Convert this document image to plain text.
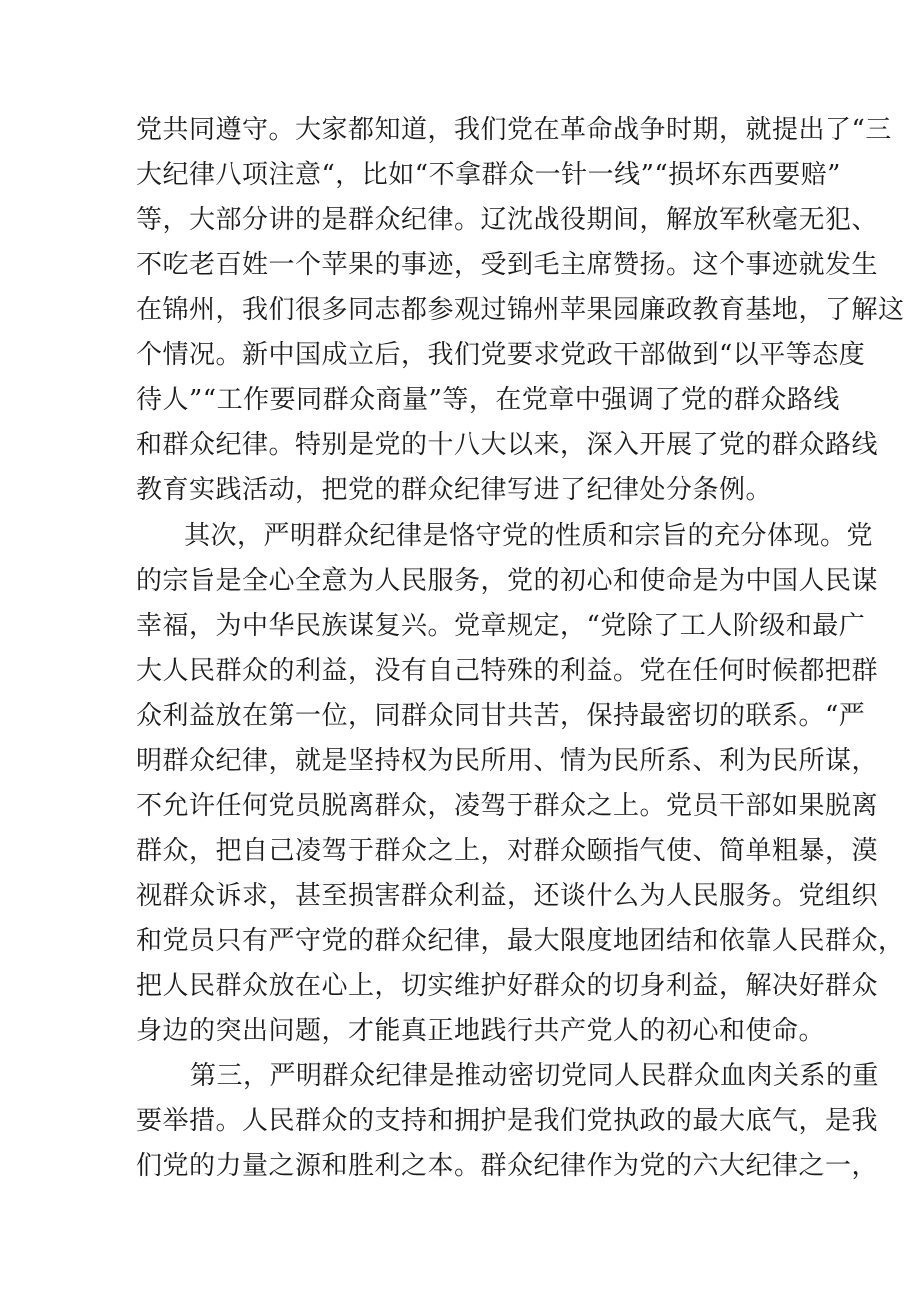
党共同遵守。大家都知道，我们党在革命战争时期，就提出了“三
大纪律八项注意“，比如“不拿群众一针一线”“损坏东西要赔”
等，大部分讲的是群众纪律。辽沈战役期间，解放军秋毫无犯、
不吃老百姓一个苹果的事迹，受到毛主席赞扬。这个事迹就发生
在锦州，我们很多同志都参观过锦州苹果园廉政教育基地，了解这
个情况。新中国成立后，我们党要求党政干部做到“以平等态度
待人”“工作要同群众商量”等，在党章中强调了党的群众路线
和群众纪律。特别是党的十八大以来，深入开展了党的群众路线
教育实践活动，把党的群众纪律写进了纪律处分条例。
其次，严明群众纪律是恪守党的性质和宗旨的充分体现。党
的宗旨是全心全意为人民服务，党的初心和使命是为中国人民谋
幸福，为中华民族谋复兴。党章规定，“党除了工人阶级和最广
大人民群众的利益，没有自己特殊的利益。党在任何时候都把群
众利益放在第一位，同群众同甘共苦，保持最密切的联系。“严
明群众纪律，就是坚持权为民所用、情为民所系、利为民所谋，
不允许任何党员脱离群众，凌驾于群众之上。党员干部如果脱离
群众，把自己凌驾于群众之上，对群众颐指气使、简单粗暴，漠
视群众诉求，甚至损害群众利益，还谈什么为人民服务。党组织
和党员只有严守党的群众纪律，最大限度地团结和依靠人民群众，
把人民群众放在心上，切实维护好群众的切身利益，解决好群众
身边的突出问题，才能真正地践行共产党人的初心和使命。
第三，严明群众纪律是推动密切党同人民群众血肉关系的重
要举措。人民群众的支持和拥护是我们党执政的最大底气，是我
们党的力量之源和胜利之本。群众纪律作为党的六大纪律之一，
